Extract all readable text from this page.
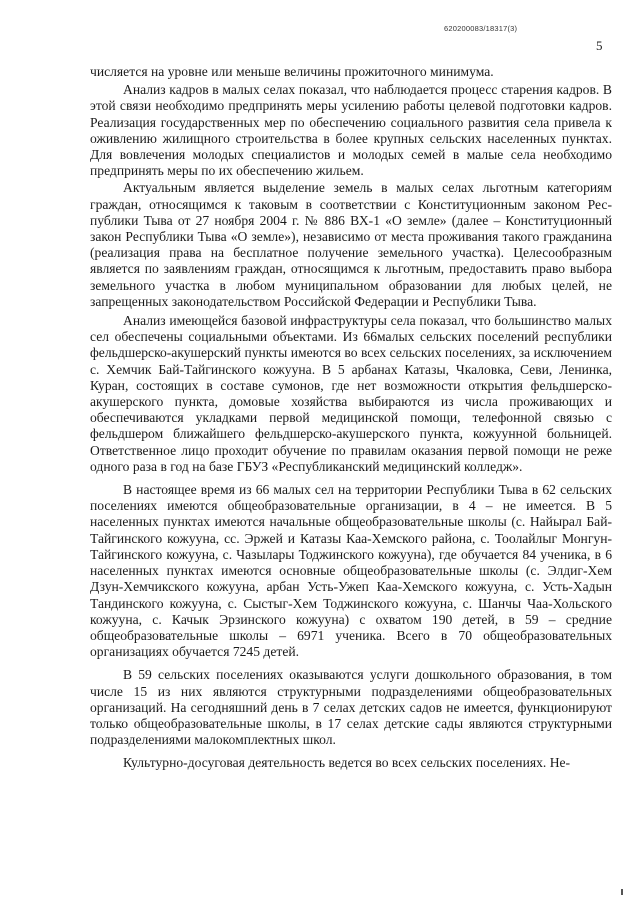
620200083/18317(3)
5

числяется на уровне или меньше величины прожиточного минимума.

Анализ кадров в малых селах показал, что наблюдается процесс старения кадров. В этой связи необходимо предпринять меры усилению работы целевой подготовки кадров. Реализация государственных мер по обеспечению социального развития села привела к оживлению жилищного строительства в более крупных сельских населенных пунктах. Для вовлечения молодых специалистов и молодых семей в малые села необходимо предпринять меры по их обеспечению жильем.

Актуальным является выделение земель в малых селах льготным категориям граждан, относящимся к таковым в соответствии с Конституционным законом Республики Тыва от 27 ноября 2004 г. № 886 ВХ-1 «О земле» (далее – Конституционный закон Республики Тыва «О земле»), независимо от места проживания такого гражданина (реализация права на бесплатное получение земельного участка). Целесообразным является по заявлениям граждан, относящимся к льготным, предоставить право выбора земельного участка в любом муниципальном образовании для любых целей, не запрещенных законодательством Российской Федерации и Республики Тыва.

Анализ имеющейся базовой инфраструктуры села показал, что большинство малых сел обеспечены социальными объектами. Из 66малых сельских поселений республики фельдшерско-акушерский пункты имеются во всех сельских поселениях, за исключением с. Хемчик Бай-Тайгинского кожууна. В 5 арбанах Катазы, Чкаловка, Севи, Ленинка, Куран, состоящих в составе сумонов, где нет возможности открытия фельдшерско-акушерского пункта, домовые хозяйства выбираются из числа проживающих и обеспечиваются укладками первой медицинской помощи, телефонной связью с фельдшером ближайшего фельдшерско-акушерского пункта, кожуунной больницей. Ответственное лицо проходит обучение по правилам оказания первой помощи не реже одного раза в год на базе ГБУЗ «Республиканский медицинский колледж».

В настоящее время из 66 малых сел на территории Республики Тыва в 62 сельских поселениях имеются общеобразовательные организации, в 4 – не имеется. В 5 населенных пунктах имеются начальные общеобразовательные школы (с. Найырал Бай-Тайгинского кожууна, сс. Эржей и Катазы Каа-Хемского района, с. Тоолайлыг Монгун-Тайгинского кожууна, с. Чазылары Тоджинского кожууна), где обучается 84 ученика, в 6 населенных пунктах имеются основные общеобразовательные школы (с. Элдиг-Хем Дзун-Хемчикского кожууна, арбан Усть-Ужеп Каа-Хемского кожууна, с. Усть-Хадын Тандинского кожууна, с. Сыстыг-Хем Тоджинского кожууна, с. Шанчы Чаа-Хольского кожууна, с. Качык Эрзинского кожууна) с охватом 190 детей, в 59 – средние общеобразовательные школы – 6971 ученика. Всего в 70 общеобразовательных организациях обучается 7245 детей.

В 59 сельских поселениях оказываются услуги дошкольного образования, в том числе 15 из них являются структурными подразделениями общеобразовательных организаций. На сегодняшний день в 7 селах детских садов не имеется, функционируют только общеобразовательные школы, в 17 селах детские сады являются структурными подразделениями малокомплектных школ.

Культурно-досуговая деятельность ведется во всех сельских поселениях. Не-
